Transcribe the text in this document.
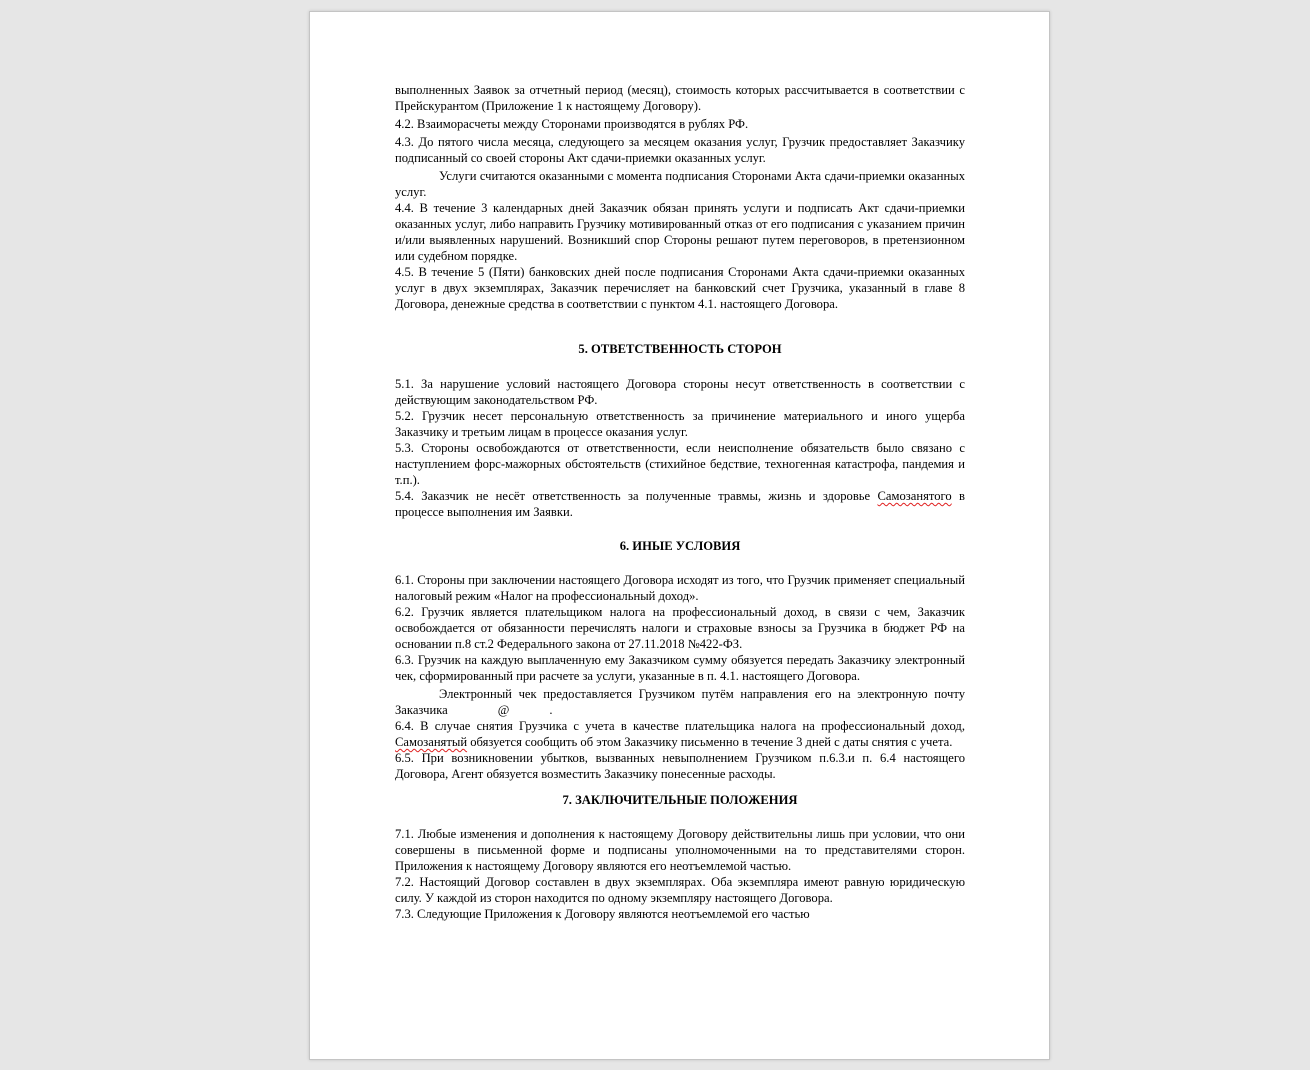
выполненных Заявок за отчетный период (месяц), стоимость которых рассчитывается в соответствии с Прейскурантом (Приложение 1 к настоящему Договору).

4.2. Взаиморасчеты между Сторонами производятся в рублях РФ.

4.3. До пятого числа месяца, следующего за месяцем оказания услуг, Грузчик предоставляет Заказчику подписанный со своей стороны Акт сдачи-приемки оказанных услуг.

Услуги считаются оказанными с момента подписания Сторонами Акта сдачи-приемки оказанных услуг.

4.4. В течение 3 календарных дней Заказчик обязан принять услуги и подписать Акт сдачи-приемки оказанных услуг, либо направить Грузчику мотивированный отказ от его подписания с указанием причин и/или выявленных нарушений. Возникший спор Стороны решают путем переговоров, в претензионном или судебном порядке.

4.5. В течение 5 (Пяти) банковских дней после подписания Сторонами Акта сдачи-приемки оказанных услуг в двух экземплярах, Заказчик перечисляет на банковский счет Грузчика, указанный в главе 8 Договора, денежные средства в соответствии с пунктом 4.1. настоящего Договора.

5. ОТВЕТСТВЕННОСТЬ СТОРОН

5.1. За нарушение условий настоящего Договора стороны несут ответственность в соответствии с действующим законодательством РФ.

5.2. Грузчик несет персональную ответственность за причинение материального и иного ущерба Заказчику и третьим лицам в процессе оказания услуг.

5.3. Стороны освобождаются от ответственности, если неисполнение обязательств было связано с наступлением форс-мажорных обстоятельств (стихийное бедствие, техногенная катастрофа, пандемия и т.п.).

5.4. Заказчик не несёт ответственность за полученные травмы, жизнь и здоровье Самозанятого в процессе выполнения им Заявки.

6. ИНЫЕ УСЛОВИЯ

6.1. Стороны при заключении настоящего Договора исходят из того, что Грузчик применяет специальный налоговый режим «Налог на профессиональный доход».

6.2. Грузчик является плательщиком налога на профессиональный доход, в связи с чем, Заказчик освобождается от обязанности перечислять налоги и страховые взносы за Грузчика в бюджет РФ на основании п.8 ст.2 Федерального закона от 27.11.2018 №422-ФЗ.

6.3. Грузчик на каждую выплаченную ему Заказчиком сумму обязуется передать Заказчику электронный чек, сформированный при расчете за услуги, указанные в п. 4.1. настоящего Договора.

Электронный чек предоставляется Грузчиком путём направления его на электронную почту Заказчика	@	.

6.4. В случае снятия Грузчика с учета в качестве плательщика налога на профессиональный доход, Самозанятый обязуется сообщить об этом Заказчику письменно в течение 3 дней с даты снятия с учета.

6.5. При возникновении убытков, вызванных невыполнением Грузчиком п.6.3.и п. 6.4 настоящего Договора, Агент обязуется возместить Заказчику понесенные расходы.

7. ЗАКЛЮЧИТЕЛЬНЫЕ ПОЛОЖЕНИЯ

7.1. Любые изменения и дополнения к настоящему Договору действительны лишь при условии, что они совершены в письменной форме и подписаны уполномоченными на то представителями сторон. Приложения к настоящему Договору являются его неотъемлемой частью.

7.2. Настоящий Договор составлен в двух экземплярах. Оба экземпляра имеют равную юридическую силу. У каждой из сторон находится по одному экземпляру настоящего Договора.

7.3. Следующие Приложения к Договору являются неотъемлемой его частью
